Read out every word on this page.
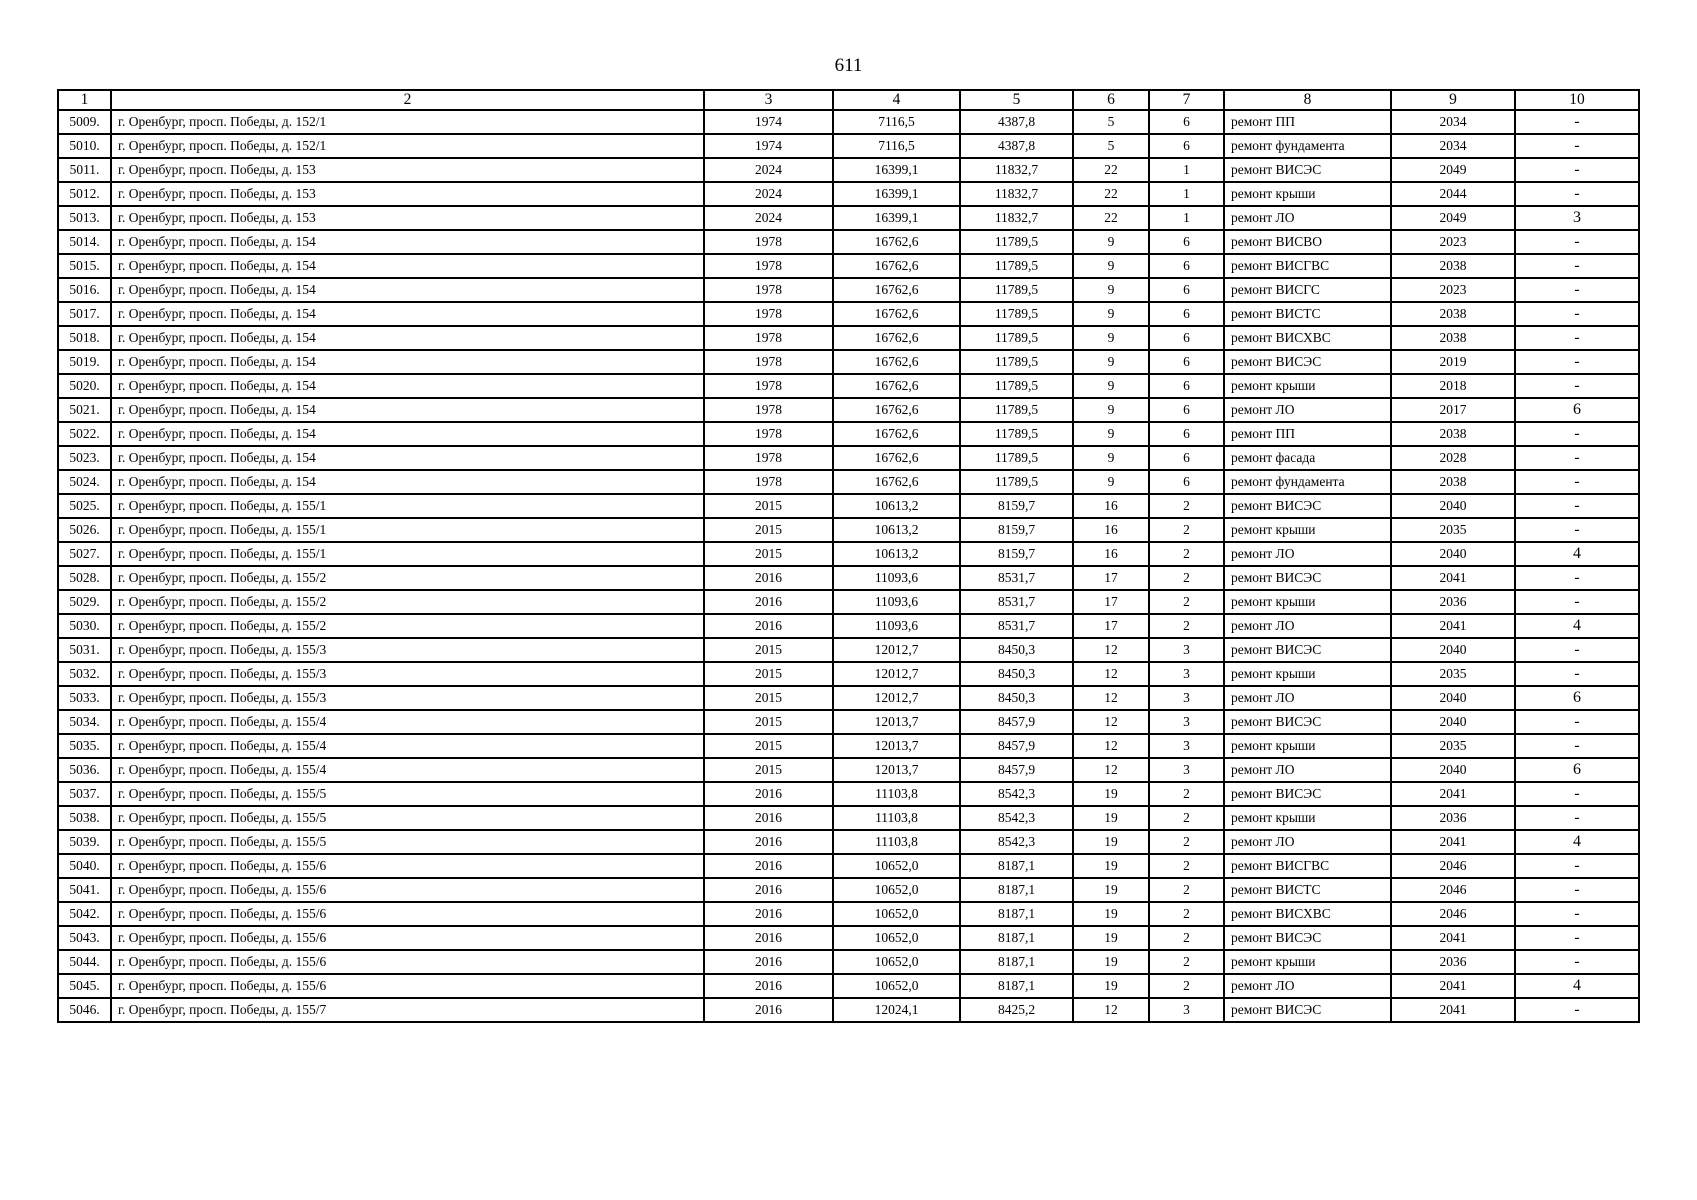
611
1	2	3	4	5	6	7	8	9	10
5009.	г. Оренбург, просп. Победы, д. 152/1	1974	7116,5	4387,8	5	6	ремонт ПП	2034	-
5010.	г. Оренбург, просп. Победы, д. 152/1	1974	7116,5	4387,8	5	6	ремонт фундамента	2034	-
5011.	г. Оренбург, просп. Победы, д. 153	2024	16399,1	11832,7	22	1	ремонт ВИСЭС	2049	-
5012.	г. Оренбург, просп. Победы, д. 153	2024	16399,1	11832,7	22	1	ремонт крыши	2044	-
5013.	г. Оренбург, просп. Победы, д. 153	2024	16399,1	11832,7	22	1	ремонт ЛО	2049	3
5014.	г. Оренбург, просп. Победы, д. 154	1978	16762,6	11789,5	9	6	ремонт ВИСВО	2023	-
5015.	г. Оренбург, просп. Победы, д. 154	1978	16762,6	11789,5	9	6	ремонт ВИСГВС	2038	-
5016.	г. Оренбург, просп. Победы, д. 154	1978	16762,6	11789,5	9	6	ремонт ВИСГС	2023	-
5017.	г. Оренбург, просп. Победы, д. 154	1978	16762,6	11789,5	9	6	ремонт ВИСТС	2038	-
5018.	г. Оренбург, просп. Победы, д. 154	1978	16762,6	11789,5	9	6	ремонт ВИСХВС	2038	-
5019.	г. Оренбург, просп. Победы, д. 154	1978	16762,6	11789,5	9	6	ремонт ВИСЭС	2019	-
5020.	г. Оренбург, просп. Победы, д. 154	1978	16762,6	11789,5	9	6	ремонт крыши	2018	-
5021.	г. Оренбург, просп. Победы, д. 154	1978	16762,6	11789,5	9	6	ремонт ЛО	2017	6
5022.	г. Оренбург, просп. Победы, д. 154	1978	16762,6	11789,5	9	6	ремонт ПП	2038	-
5023.	г. Оренбург, просп. Победы, д. 154	1978	16762,6	11789,5	9	6	ремонт фасада	2028	-
5024.	г. Оренбург, просп. Победы, д. 154	1978	16762,6	11789,5	9	6	ремонт фундамента	2038	-
5025.	г. Оренбург, просп. Победы, д. 155/1	2015	10613,2	8159,7	16	2	ремонт ВИСЭС	2040	-
5026.	г. Оренбург, просп. Победы, д. 155/1	2015	10613,2	8159,7	16	2	ремонт крыши	2035	-
5027.	г. Оренбург, просп. Победы, д. 155/1	2015	10613,2	8159,7	16	2	ремонт ЛО	2040	4
5028.	г. Оренбург, просп. Победы, д. 155/2	2016	11093,6	8531,7	17	2	ремонт ВИСЭС	2041	-
5029.	г. Оренбург, просп. Победы, д. 155/2	2016	11093,6	8531,7	17	2	ремонт крыши	2036	-
5030.	г. Оренбург, просп. Победы, д. 155/2	2016	11093,6	8531,7	17	2	ремонт ЛО	2041	4
5031.	г. Оренбург, просп. Победы, д. 155/3	2015	12012,7	8450,3	12	3	ремонт ВИСЭС	2040	-
5032.	г. Оренбург, просп. Победы, д. 155/3	2015	12012,7	8450,3	12	3	ремонт крыши	2035	-
5033.	г. Оренбург, просп. Победы, д. 155/3	2015	12012,7	8450,3	12	3	ремонт ЛО	2040	6
5034.	г. Оренбург, просп. Победы, д. 155/4	2015	12013,7	8457,9	12	3	ремонт ВИСЭС	2040	-
5035.	г. Оренбург, просп. Победы, д. 155/4	2015	12013,7	8457,9	12	3	ремонт крыши	2035	-
5036.	г. Оренбург, просп. Победы, д. 155/4	2015	12013,7	8457,9	12	3	ремонт ЛО	2040	6
5037.	г. Оренбург, просп. Победы, д. 155/5	2016	11103,8	8542,3	19	2	ремонт ВИСЭС	2041	-
5038.	г. Оренбург, просп. Победы, д. 155/5	2016	11103,8	8542,3	19	2	ремонт крыши	2036	-
5039.	г. Оренбург, просп. Победы, д. 155/5	2016	11103,8	8542,3	19	2	ремонт ЛО	2041	4
5040.	г. Оренбург, просп. Победы, д. 155/6	2016	10652,0	8187,1	19	2	ремонт ВИСГВС	2046	-
5041.	г. Оренбург, просп. Победы, д. 155/6	2016	10652,0	8187,1	19	2	ремонт ВИСТС	2046	-
5042.	г. Оренбург, просп. Победы, д. 155/6	2016	10652,0	8187,1	19	2	ремонт ВИСХВС	2046	-
5043.	г. Оренбург, просп. Победы, д. 155/6	2016	10652,0	8187,1	19	2	ремонт ВИСЭС	2041	-
5044.	г. Оренбург, просп. Победы, д. 155/6	2016	10652,0	8187,1	19	2	ремонт крыши	2036	-
5045.	г. Оренбург, просп. Победы, д. 155/6	2016	10652,0	8187,1	19	2	ремонт ЛО	2041	4
5046.	г. Оренбург, просп. Победы, д. 155/7	2016	12024,1	8425,2	12	3	ремонт ВИСЭС	2041	-
